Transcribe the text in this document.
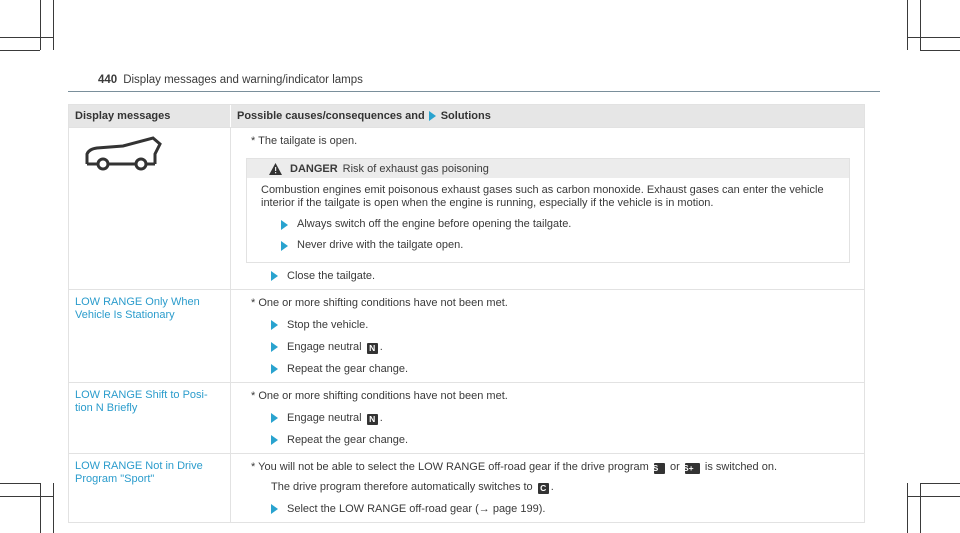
440 Display messages and warning/indicator lamps
Display messages	Possible causes/consequences and Solutions
* The tailgate is open.
DANGER Risk of exhaust gas poisoning
Combustion engines emit poisonous exhaust gases such as carbon monoxide. Exhaust gases can enter the vehicle interior if the tailgate is open when the engine is running, especially if the vehicle is in motion.
Always switch off the engine before opening the tailgate.
Never drive with the tailgate open.
Close the tailgate.
LOW RANGE Only When Vehicle Is Stationary
* One or more shifting conditions have not been met.
Stop the vehicle.
Engage neutral N .
Repeat the gear change.
LOW RANGE Shift to Posi-tion N Briefly
* One or more shifting conditions have not been met.
Engage neutral N .
Repeat the gear change.
LOW RANGE Not in Drive Program "Sport"
* You will not be able to select the LOW RANGE off-road gear if the drive program S or S+ is switched on.
The drive program therefore automatically switches to C .
Select the LOW RANGE off-road gear (→ page 199).
